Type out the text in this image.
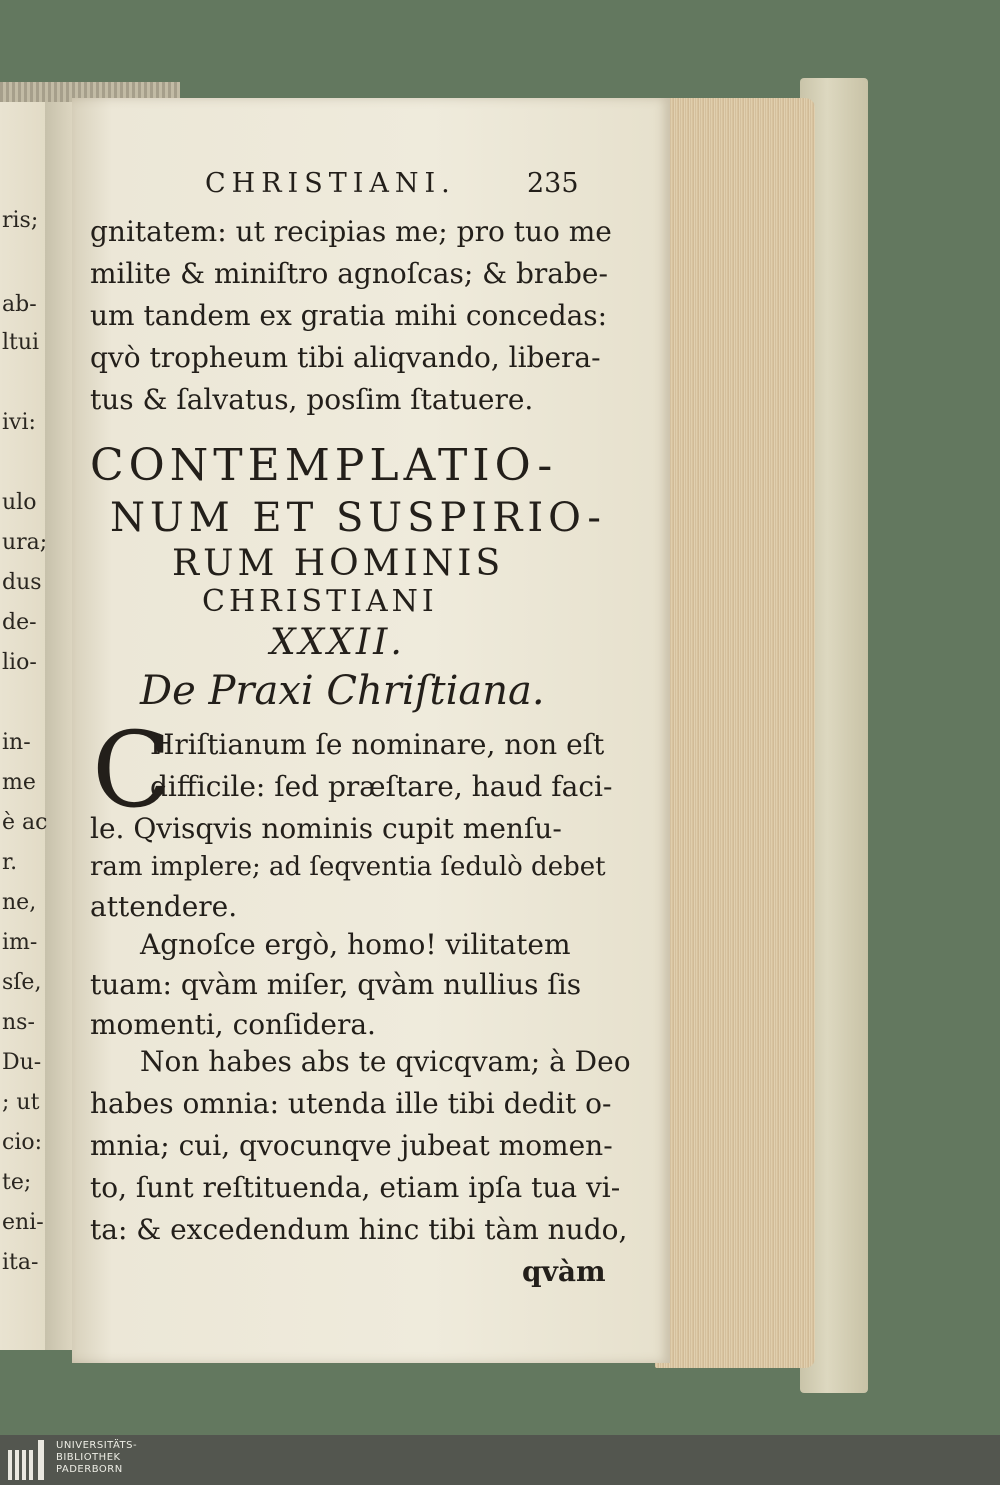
ris;
ab-
ltui
ivi:
ulo
ura;
dus
de-
lio-
in-
me
è ac
r.
ne,
im-
sſe,
ns-
Du-
; ut
cio:
te;
eni-
ita-
CHRISTIANI.	235
gnitatem: ut recipias me; pro tuo me
milite & miniſtro agnoſcas; & brabe-
um tandem ex gratia mihi concedas:
qvò tropheum tibi aliqvando, libera-
tus & ſalvatus, posſim ſtatuere.
CONTEMPLATIO-
NUM ET SUSPIRIO-
RUM HOMINIS
CHRISTIANI
XXXII.
De Praxi Chriſtiana.
C
Hriſtianum ſe nominare, non eſt
difficile: ſed præſtare, haud faci-
le. Qvisqvis nominis cupit menſu-
ram implere; ad ſeqventia ſedulò debet
attendere.
Agnoſce ergò, homo! vilitatem
tuam: qvàm miſer, qvàm nullius ſis
momenti, conſidera.
Non habes abs te qvicqvam; à Deo
habes omnia: utenda ille tibi dedit o-
mnia; cui, qvocunqve jubeat momen-
to, ſunt reſtituenda, etiam ipſa tua vi-
ta: & excedendum hinc tibi tàm nudo,
qvàm
UNIVERSITÄTS-
BIBLIOTHEK
PADERBORN
